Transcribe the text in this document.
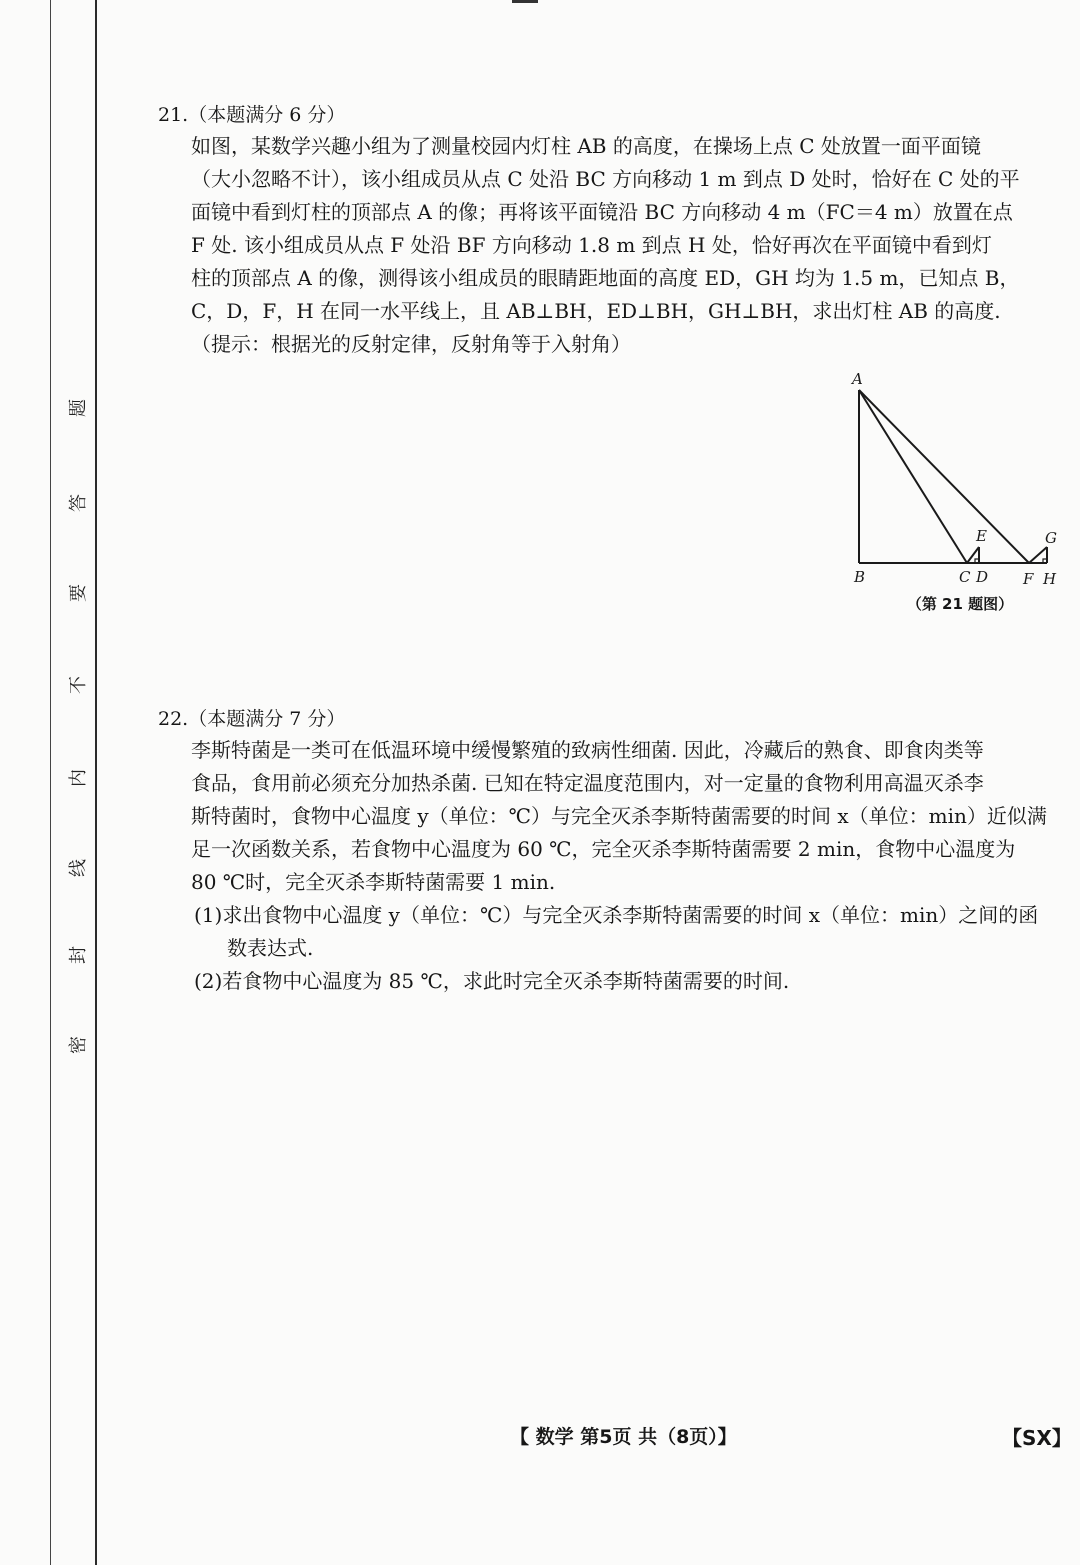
题
答
要
不
内
线
封
密
21.（本题满分 6 分）
如图，某数学兴趣小组为了测量校园内灯柱 AB 的高度，在操场上点 C 处放置一面平面镜
（大小忽略不计），该小组成员从点 C 处沿 BC 方向移动 1 m 到点 D 处时，恰好在 C 处的平
面镜中看到灯柱的顶部点 A 的像；再将该平面镜沿 BC 方向移动 4 m（FC＝4 m）放置在点
F 处. 该小组成员从点 F 处沿 BF 方向移动 1.8 m 到点 H 处，恰好再次在平面镜中看到灯
柱的顶部点 A 的像，测得该小组成员的眼睛距地面的高度 ED，GH 均为 1.5 m，已知点 B，
C，D，F，H 在同一水平线上，且 AB⊥BH，ED⊥BH，GH⊥BH，求出灯柱 AB 的高度.
（提示：根据光的反射定律，反射角等于入射角）
A
B	C D
E
F
G
H
（第 21 题图）
22.（本题满分 7 分）
李斯特菌是一类可在低温环境中缓慢繁殖的致病性细菌. 因此，冷藏后的熟食、即食肉类等
食品，食用前必须充分加热杀菌. 已知在特定温度范围内，对一定量的食物利用高温灭杀李
斯特菌时，食物中心温度 y（单位：℃）与完全灭杀李斯特菌需要的时间 x（单位：min）近似满
足一次函数关系，若食物中心温度为 60 ℃，完全灭杀李斯特菌需要 2 min，食物中心温度为
80 ℃时，完全灭杀李斯特菌需要 1 min.
(1)求出食物中心温度 y（单位：℃）与完全灭杀李斯特菌需要的时间 x（单位：min）之间的函
数表达式.
(2)若食物中心温度为 85 ℃，求此时完全灭杀李斯特菌需要的时间.
【 数学 第5页 共（8页）】	【SX】
